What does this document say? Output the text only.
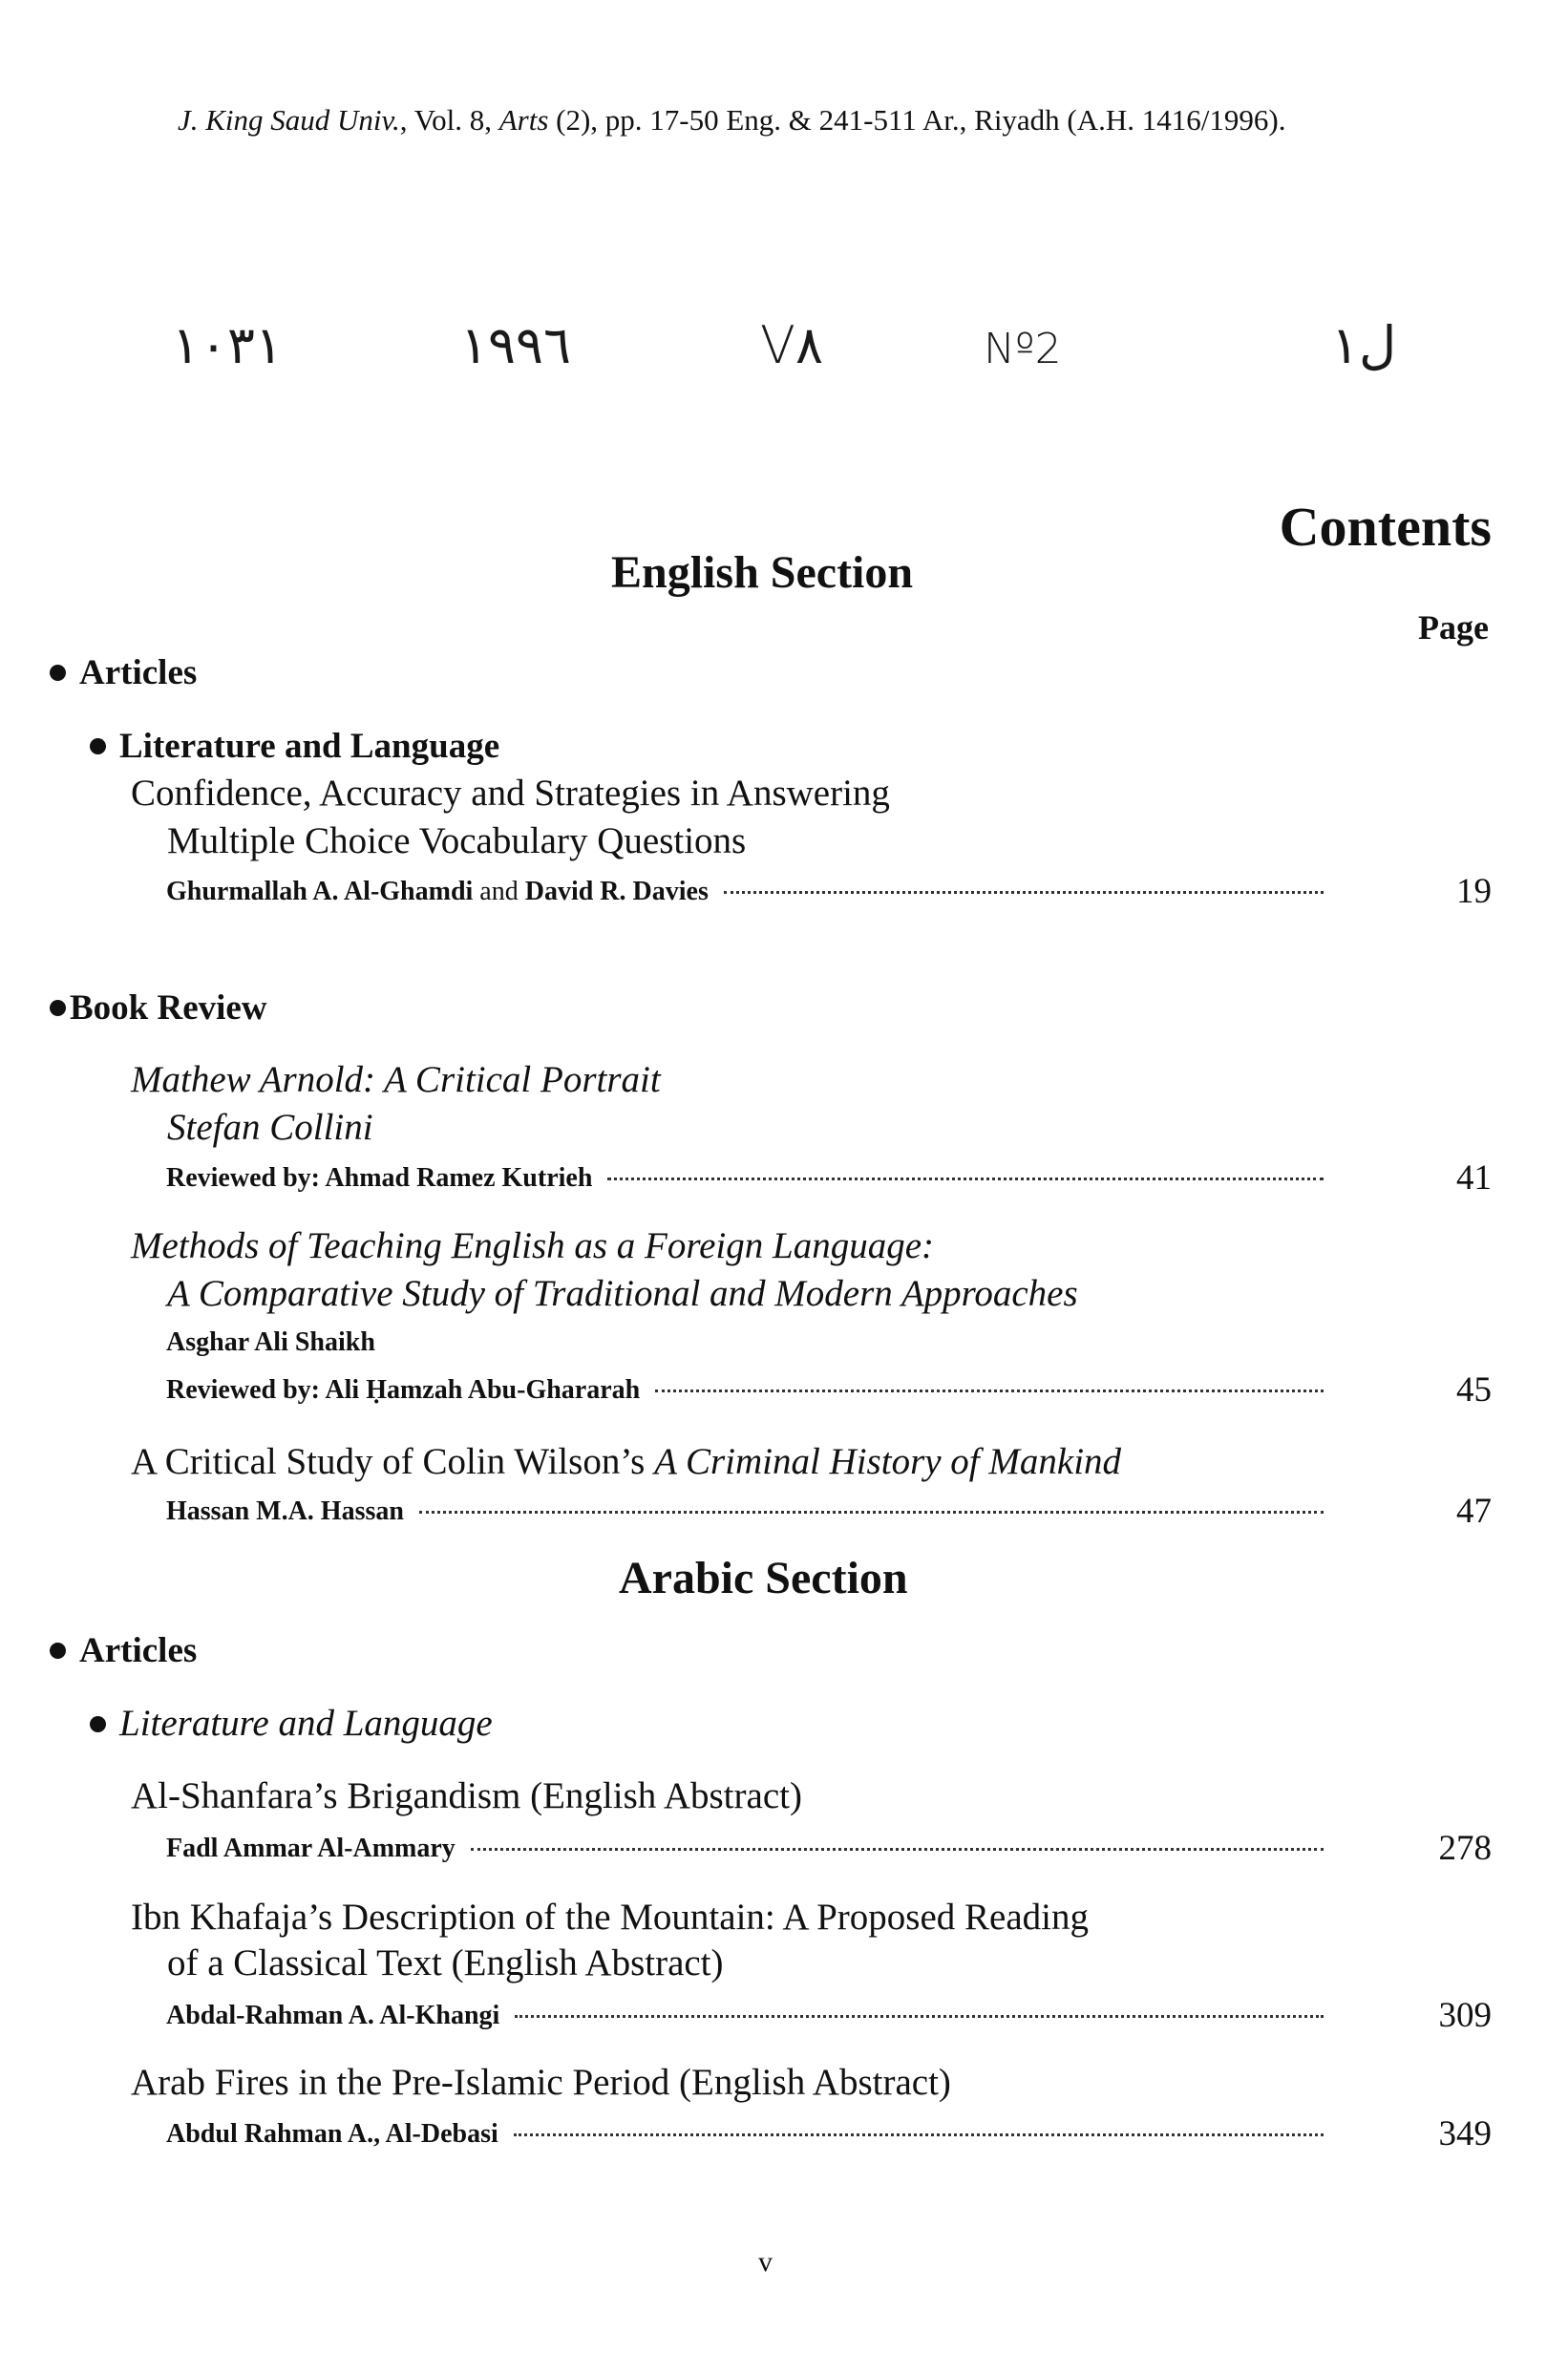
J. King Saud Univ., Vol. 8, Arts (2), pp. 17-50 Eng. & 241-511 Ar., Riyadh (A.H. 1416/1996).
١٠٣١	١٩٩٦	V٨	Nº2	ل١
Contents
English Section
Page
Articles
Literature and Language
Confidence, Accuracy and Strategies in Answering
Multiple Choice Vocabulary Questions
Ghurmallah A. Al-Ghamdi and David R. Davies	19
Book Review
Mathew Arnold: A Critical Portrait
Stefan Collini
Reviewed by: Ahmad Ramez Kutrieh	41
Methods of Teaching English as a Foreign Language:
A Comparative Study of Traditional and Modern Approaches
Asghar Ali Shaikh
Reviewed by: Ali Ḥamzah Abu-Ghararah	45
A Critical Study of Colin Wilson’s A Criminal History of Mankind
Hassan M.A. Hassan	47
Arabic Section
Articles
Literature and Language
Al-Shanfara’s Brigandism (English Abstract)
Fadl Ammar Al-Ammary	278
Ibn Khafaja’s Description of the Mountain: A Proposed Reading
of a Classical Text (English Abstract)
Abdal-Rahman A. Al-Khangi	309
Arab Fires in the Pre-Islamic Period (English Abstract)
Abdul Rahman A., Al-Debasi	349
v
